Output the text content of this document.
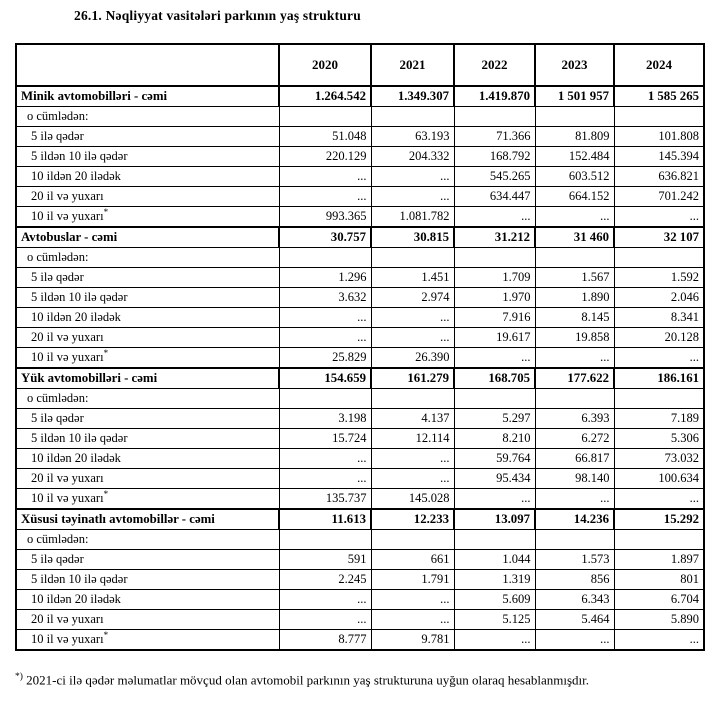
26.1. Nəqliyyat vasitələri parkının yaş strukturu

	2020	2021	2022	2023	2024
Minik avtomobilləri - cəmi	1.264.542	1.349.307	1.419.870	1 501 957	1 585 265
o cümlədən:					
5 ilə qədər	51.048	63.193	71.366	81.809	101.808
5 ildən 10 ilə qədər	220.129	204.332	168.792	152.484	145.394
10 ildən 20 ilədək	...	...	545.265	603.512	636.821
20 il və yuxarı	...	...	634.447	664.152	701.242
10 il və yuxarı*	993.365	1.081.782	...	...	...
Avtobuslar - cəmi	30.757	30.815	31.212	31 460	32 107
o cümlədən:					
5 ilə qədər	1.296	1.451	1.709	1.567	1.592
5 ildən 10 ilə qədər	3.632	2.974	1.970	1.890	2.046
10 ildən 20 ilədək	...	...	7.916	8.145	8.341
20 il və yuxarı	...	...	19.617	19.858	20.128
10 il və yuxarı*	25.829	26.390	...	...	...
Yük avtomobilləri - cəmi	154.659	161.279	168.705	177.622	186.161
o cümlədən:					
5 ilə qədər	3.198	4.137	5.297	6.393	7.189
5 ildən 10 ilə qədər	15.724	12.114	8.210	6.272	5.306
10 ildən 20 ilədək	...	...	59.764	66.817	73.032
20 il və yuxarı	...	...	95.434	98.140	100.634
10 il və yuxarı*	135.737	145.028	...	...	...
Xüsusi təyinatlı avtomobillər - cəmi	11.613	12.233	13.097	14.236	15.292
o cümlədən:					
5 ilə qədər	591	661	1.044	1.573	1.897
5 ildən 10 ilə qədər	2.245	1.791	1.319	856	801
10 ildən 20 ilədək	...	...	5.609	6.343	6.704
20 il və yuxarı	...	...	5.125	5.464	5.890
10 il və yuxarı*	8.777	9.781	...	...	...

*) 2021-ci ilə qədər məlumatlar mövçud olan avtomobil parkının yaş strukturuna uyğun olaraq hesablanmışdır.
